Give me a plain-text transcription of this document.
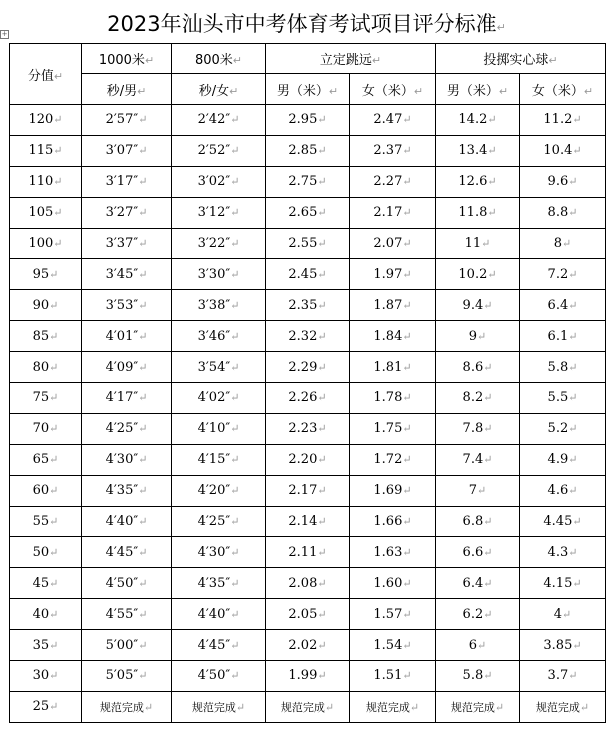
2023年汕头市中考体育考试项目评分标准↵
+
分值↵	1000米↵	800米↵	立定跳远↵		投掷实心球↵	
	秒/男↵	秒/女↵	男（米）↵	女（米）↵	男（米）↵	女（米）↵
120↵	2′57″↵	2′42″↵	2.95↵	2.47↵	14.2↵	11.2↵
115↵	3′07″↵	2′52″↵	2.85↵	2.37↵	13.4↵	10.4↵
110↵	3′17″↵	3′02″↵	2.75↵	2.27↵	12.6↵	9.6↵
105↵	3′27″↵	3′12″↵	2.65↵	2.17↵	11.8↵	8.8↵
100↵	3′37″↵	3′22″↵	2.55↵	2.07↵	11↵	8↵
95↵	3′45″↵	3′30″↵	2.45↵	1.97↵	10.2↵	7.2↵
90↵	3′53″↵	3′38″↵	2.35↵	1.87↵	9.4↵	6.4↵
85↵	4′01″↵	3′46″↵	2.32↵	1.84↵	9↵	6.1↵
80↵	4′09″↵	3′54″↵	2.29↵	1.81↵	8.6↵	5.8↵
75↵	4′17″↵	4′02″↵	2.26↵	1.78↵	8.2↵	5.5↵
70↵	4′25″↵	4′10″↵	2.23↵	1.75↵	7.8↵	5.2↵
65↵	4′30″↵	4′15″↵	2.20↵	1.72↵	7.4↵	4.9↵
60↵	4′35″↵	4′20″↵	2.17↵	1.69↵	7↵	4.6↵
55↵	4′40″↵	4′25″↵	2.14↵	1.66↵	6.8↵	4.45↵
50↵	4′45″↵	4′30″↵	2.11↵	1.63↵	6.6↵	4.3↵
45↵	4′50″↵	4′35″↵	2.08↵	1.60↵	6.4↵	4.15↵
40↵	4′55″↵	4′40″↵	2.05↵	1.57↵	6.2↵	4↵
35↵	5′00″↵	4′45″↵	2.02↵	1.54↵	6↵	3.85↵
30↵	5′05″↵	4′50″↵	1.99↵	1.51↵	5.8↵	3.7↵
25↵	规范完成↵	规范完成↵	规范完成↵	规范完成↵	规范完成↵	规范完成↵
